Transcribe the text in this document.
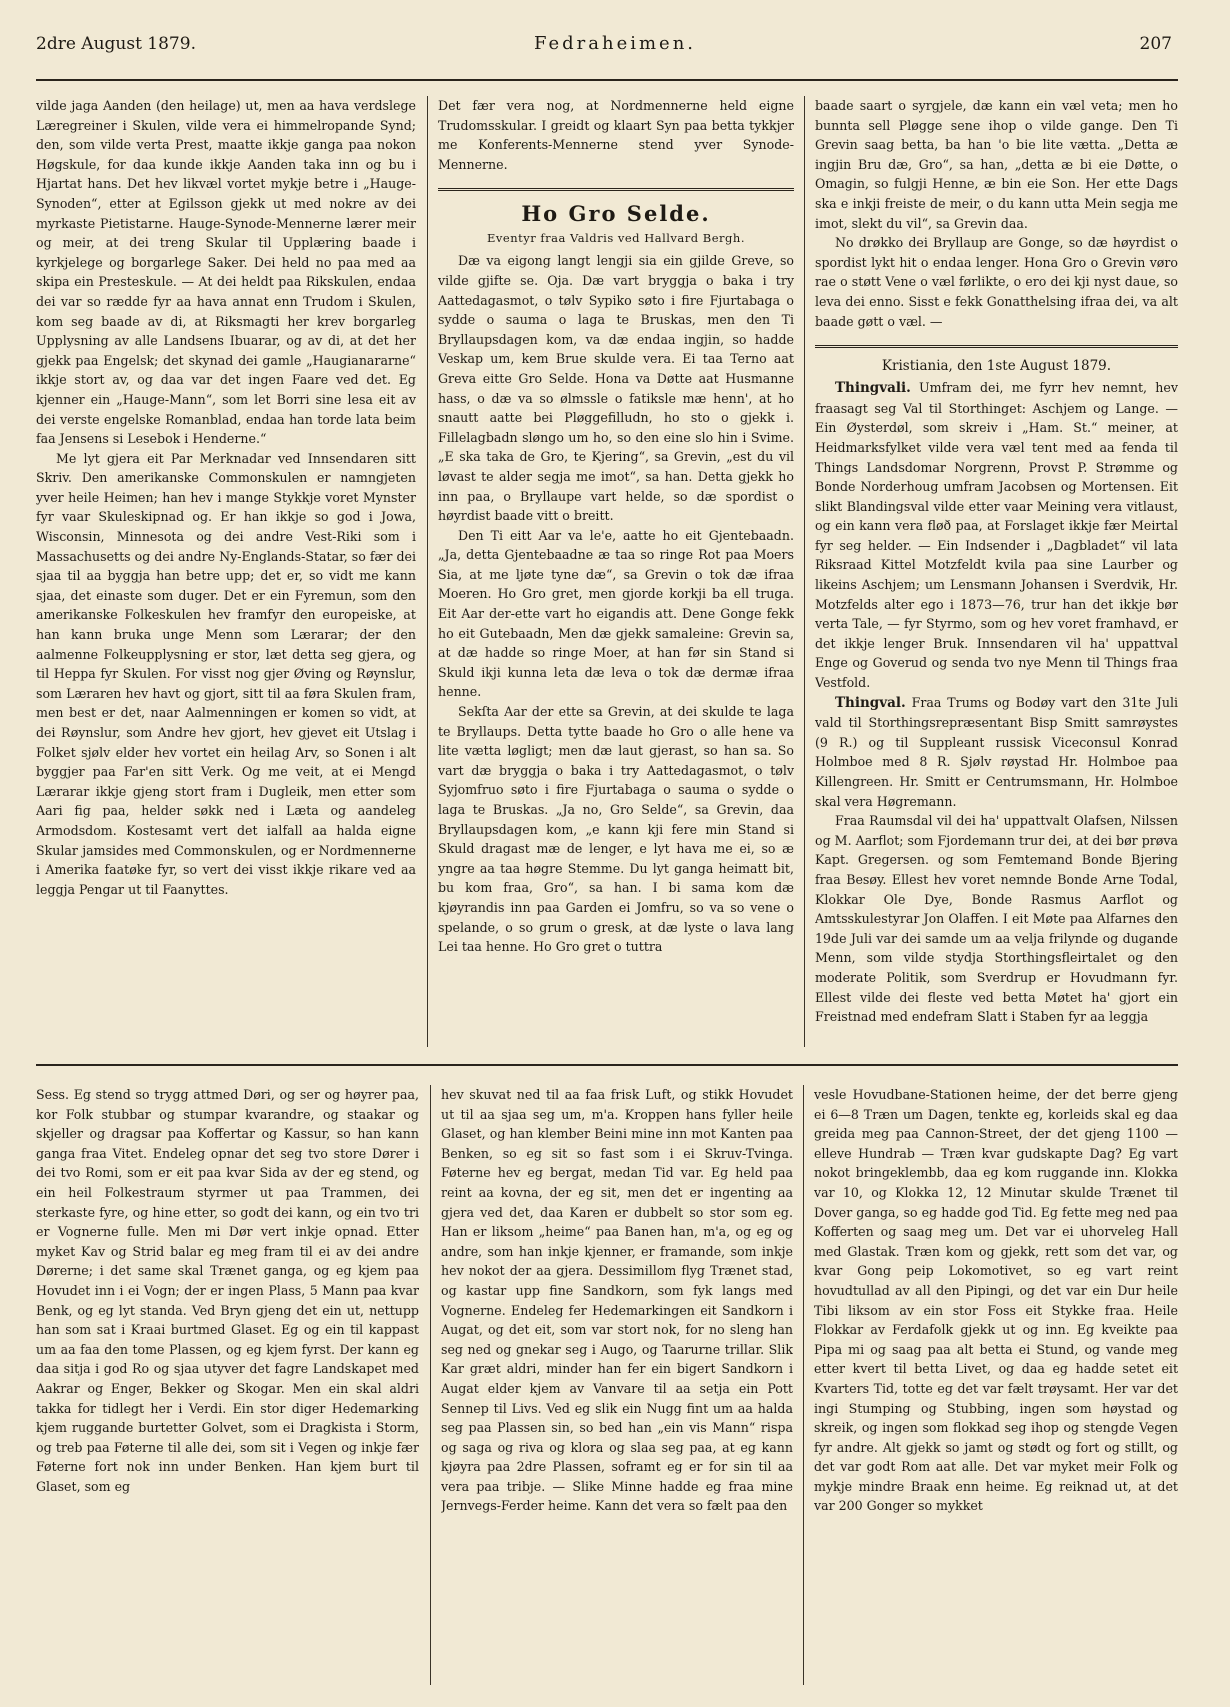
2dre August 1879.	Fedraheimen.	207

vilde jaga Aanden (den heilage) ut, men aa hava verdslege Læregreiner i Skulen, vilde vera ei himmelropande Synd; den, som vilde verta Prest, maatte ikkje ganga paa nokon Høgskule, for daa kunde ikkje Aanden taka inn og bu i Hjartat hans. Det hev likvæl vortet mykje betre i „Hauge-Synoden“, etter at Egilsson gjekk ut med nokre av dei myrkaste Pietistarne. Hauge-Synode-Mennerne lærer meir og meir, at dei treng Skular til Upplæring baade i kyrkjelege og borgarlege Saker. Dei held no paa med aa skipa ein Presteskule. — At dei heldt paa Rikskulen, endaa dei var so ræddе fyr aa hava annat enn Trudom i Skulen, kom seg baade av di, at Riksmagti her krev borgarleg Upplysning av alle Landsens Ibuarar, og av di, at det her gjekk paa Engelsk; det skynad dei gamle „Haugianararne“ ikkje stort av, og daa var det ingen Faare ved det. Eg kjenner ein „Hauge-Mann“, som let Borri sine lesa eit av dei verste engelske Romanblad, endaa han torde lata beim faa Jensens si Lesebok i Henderne.“

Me lyt gjera eit Par Merknadar ved Innsendaren sitt Skriv. Den amerikanske Commonskulen er namngjeten yver heile Heimen; han hev i mange Stykkje voret Mynster fyr vaar Skuleskipnad og. Er han ikkje so god i Jowa, Wisconsin, Minnesota og dei andre Vest-Riki som i Massachusetts og dei andre Ny-Englands-Statar, so fær dei sjaa til aa byggja han betre upp; det er, so vidt me kann sjaa, det einaste som duger. Det er ein Fyremun, som den amerikanske Folkeskulen hev framfyr den europeiske, at han kann bruka unge Menn som Lærarar; der den aalmenne Folkeupplysning er stor, læt detta seg gjera, og til Heppa fyr Skulen. For visst nog gjer Øving og Røynslur, som Læraren hev havt og gjort, sitt til aa føra Skulen fram, men best er det, naar Aalmenningen er komen so vidt, at dei Røynslur, som Andre hev gjort, hev gjevet eit Utslag i Folket sjølv elder hev vortet ein heilag Arv, so Sonen i alt byggjer paa Far'en sitt Verk. Og me veit, at ei Mengd Lærarar ikkje gjeng stort fram i Dugleik, men etter som Aari fig paa, helder søkk ned i Læta og aandeleg Armodsdom. Kostesamt vert det ialfall aa halda eigne Skular jamsides med Commonskulen, og er Nordmennerne i Amerika faatøke fyr, so vert dei visst ikkje rikare ved aa leggja Pengar ut til Faanyttes.

Det fær vera nog, at Nordmennerne held eigne Trudomsskular. I greidt og klaart Syn paa betta tykkjer me Konferents-Mennerne stend yver Synode-Mennerne.

Ho Gro Selde.
Eventyr fraa Valdris ved Hallvard Bergh.

Dæ va eigong langt lengji sia ein gjilde Greve, so vilde gjifte se. Oja. Dæ vart bryggja o baka i try Aattedagasmot, o tølv Sypiko søto i fire Fjurtabaga o sydde o sauma o laga te Bruskas, men den Ti Bryllaupsdagen kom, va dæ endaa ingjin, so hadde Veskap um, kem Brue skulde vera. Ei taa Terno aat Greva eitte Gro Selde. Hona va Døtte aat Husmanne hass, o dæ va so ølmsslе o fatikslе mæ henn', at ho snautt aatte bei Pløggefilludn, ho sto o gjekk i. Fillelagbadn sløngo um ho, so den eine slo hin i Svime. „E ska taka de Gro, te Kjering“, sa Grevin, „est du vil løvast te alder segja me imot“, sa han. Detta gjekk ho inn paa, o Bryllaupe vart helde, so dæ spordist o høyrdist baade vitt o breitt.

Den Ti eitt Aar va le'e, aatte ho eit Gjentebaadn. „Ja, detta Gjentebaadne æ taa so ringe Rot paa Moers Sia, at me ljøte tyne dæ“, sa Grevin o tok dæ ifraa Moeren. Ho Gro gret, men gjorde korkji ba ell truga. Eit Aar der-ette vart ho eigandis att. Dene Gonge fekk ho eit Gutebaadn, Men dæ gjekk samaleine: Grevin sa, at dæ hadde so ringe Moer, at han før sin Stand si Skuld ikji kunna leta dæ leva o tok dæ dermæ ifraa henne.

Sekſta Aar der ette sa Grevin, at dei skulde te laga te Bryllaups. Detta tytte baade ho Gro o alle hene va lite vætta løgligt; men dæ laut gjerast, so han sa. So vart dæ bryggja o baka i try Aattedagasmot, o tølv Syjomfruo søto i fire Fjurtabaga o sauma o sydde o laga te Bruskas. „Ja no, Gro Selde“, sa Grevin, daa Bryllaupsdagen kom, „e kann kji fere min Stand si Skuld dragast mæ de lenger, e lyt hava me ei, so æ yngre aa taa høgre Stemme. Du lyt ganga heimatt bit, bu kom fraa, Gro“, sa han. I bi sama kom dæ kjøyrandis inn paa Garden ei Jomfru, so va so vene o spelande, o so grum o gresk, at dæ lyste o lava lang Lei taa henne. Ho Gro gret o tuttra

baade saart o syrgjele, dæ kann ein væl veta; men ho bunnta sell Pløgge sene ihop o vilde gange. Den Ti Grevin saag betta, ba han 'o bie lite vætta. „Detta æ ingjin Bru dæ, Gro“, sa han, „detta æ bi eie Døtte, o Omagin, so fulgji Henne, æ bin eie Son. Her ette Dags ska e inkji freiste de meir, o du kann utta Mein segja me imot, slekt du vil“, sa Grevin daa.

No drøkko dei Bryllaup are Gonge, so dæ høyrdist o spordist lykt hit o endaa lenger. Hona Gro o Grevin vøro rae o støtt Vene o væl førlikte, o ero dei kji nyst daue, so leva dei enno. Sisst e fekk Gonatthelsing ifraa dei, va alt baade gøtt o væl. —

Kristiania, den 1ste August 1879.

Thingvali. Umfram dei, me fyrr hev nemnt, hev fraasagt seg Val til Storthinget: Aschjem og Lange. — Ein Øysterdøl, som skreiv i „Ham. St.“ meiner, at Heidmarksfylket vilde vera væl tent med aa fenda til Things Landsdomar Norgrenn, Provst P. Strømme og Bonde Norderhoug umfram Jacobsen og Mortensen. Eit slikt Blandingsval vilde etter vaar Meining vera vitlaust, og ein kann vera fløð paa, at Forslaget ikkje fær Meirtal fyr seg helder. — Ein Indsender i „Dagbladet“ vil lata Riksraad Kittel Motzfeldt kvila paa sine Laurber og likeins Aschjem; um Lensmann Johansen i Sverdvik, Hr. Motzfelds alter ego i 1873—76, trur han det ikkje bør verta Tale, — fyr Styrmo, som og hev voret framhavd, er det ikkje lenger Bruk. Innsendaren vil ha' uppattval Enge og Goverud og senda tvo nye Menn til Things fraa Vestfold.

Thingval. Fraa Trums og Bodøy vart den 31te Juli vald til Storthingsrepræsentant Bisp Smitt samrøystes (9 R.) og til Suppleant russisk Viceconsul Konrad Holmboe med 8 R. Sjølv røystad Hr. Holmboe paa Killengreen. Hr. Smitt er Centrumsmann, Hr. Holmboe skal vera Høgremann.

Fraa Raumsdal vil dei ha' uppattvalt Olafsen, Nilssen og M. Aarflot; som Fjordemann trur dei, at dei bør prøva Kapt. Gregersen. og som Femtemand Bonde Bjering fraa Besøy. Ellest hev voret nemnde Bonde Arne Todal, Klokkar Ole Dye, Bonde Rasmus Aarflot og Amtsskulestyrar Jon Olaffen. I eit Møte paa Alfarnes den 19de Juli var dei samde um aa velja frilynde og dugande Menn, som vilde stydja Storthingsfleirtalet og den moderate Politik, som Sverdrup er Hovudmann fyr. Ellest vilde dei fleste ved betta Møtet ha' gjort ein Freistnad med endefram Slatt i Staben fyr aa leggja

Sess. Eg stend so trygg attmed Døri, og ser og høyrer paa, kor Folk stubbar og stumpar kvarandre, og staakar og skjeller og dragsar paa Koffertar og Kassur, so han kann ganga fraa Vitet. Endeleg opnar det seg tvo store Dører i dei tvo Romi, som er eit paa kvar Sida av der eg stend, og ein heil Folkestraum styrmer ut paa Trammen, dei sterkaste fyre, og hine etter, so godt dei kann, og ein tvo tri er Vognerne fulle. Men mi Dør vert inkje opnad. Etter myket Kav og Strid balar eg meg fram til ei av dei andre Dørerne; i det same skal Trænet ganga, og eg kjem paa Hovudet inn i ei Vogn; der er ingen Plass, 5 Mann paa kvar Benk, og eg lyt standa. Ved Bryn gjeng det ein ut, nettupp han som sat i Kraai burtmed Glaset. Eg og ein til kappast um aa faa den tome Plassen, og eg kjem fyrst. Der kann eg daa sitja i god Ro og sjaa utyver det fagre Landskapet med Aakrar og Enger, Bekker og Skogar. Men ein skal aldri takka for tidlegt her i Verdi. Ein stor diger Hedemarking kjem ruggande burtetter Golvet, som ei Dragkista i Storm, og treb paa Føterne til alle dei, som sit i Vegen og inkje fær Føterne fort nok inn under Benken. Han kjem burt til Glaset, som eg

hev skuvat ned til aa faa frisk Luft, og stikk Hovudet ut til aa sjaa seg um, m'a. Kroppen hans fyller heile Glaset, og han klember Beini mine inn mot Kanten paa Benken, so eg sit so fast som i ei Skruv-Tvinga. Føterne hev eg bergat, medan Tid var. Eg held paa reint aa kovna, der eg sit, men det er ingenting aa gjera ved det, daa Karen er dubbelt so stor som eg. Han er liksom „heime“ paa Banen han, m'a, og eg og andre, som han inkje kjenner, er framande, som inkje hev nokot der aa gjera. Dessimillom flyg Trænet stad, og kastar upp fine Sandkorn, som fyk langs med Vognerne. Endeleg fer Hedemarkingen eit Sandkorn i Augat, og det eit, som var stort nok, for no sleng han seg ned og gnekar seg i Augo, og Taarurne trillar. Slik Kar græt aldri, minder han fer ein bigert Sandkorn i Augat elder kjem av Vanvare til aa setja ein Pott Sennep til Livs. Ved eg slik ein Nugg fint um aa halda seg paa Plassen sin, so bed han „ein vis Mann“ rispa og saga og riva og klora og slaa seg paa, at eg kann kjøyra paa 2dre Plassen, soframt eg er for sin til aa vera paa tribje. — Slike Minne hadde eg fraa mine Jernvegs-Ferder heime. Kann det vera so fælt paa den

vesle Hovudbane-Stationen heime, der det berre gjeng ei 6—8 Træn um Dagen, tenkte eg, korleids skal eg daa greida meg paa Cannon-Street, der det gjeng 1100 — ellеve Hundrab — Træn kvar gudskapte Dag? Eg vart nokot bringeklembb, daa eg kom ruggande inn. Klokka var 10, og Klokka 12, 12 Minutar skulde Trænet til Dover ganga, so eg hadde god Tid. Eg fette meg ned paa Kofferten og saag meg um. Det var ei uhorveleg Hall med Glastak. Træn kom og gjekk, rett som det var, og kvar Gong peip Lokomotivet, so eg vart reint hovudtullad av all den Pipingi, og det var ein Dur heile Tibi liksom av ein stor Foss eit Stykke fraa. Heile Flokkar av Ferdafolk gjekk ut og inn. Eg kveikte paa Pipa mi og saag paa alt betta ei Stund, og vandе meg etter kvert til betta Livet, og daa eg hadde setet eit Kvarters Tid, totte eg det var fælt trøysamt. Her var det ingi Stumping og Stubbing, ingen som høystad og skreik, og ingen som flokkad seg ihop og stengde Vegen fyr andre. Alt gjekk so jamt og stødt og fort og stillt, og det var godt Rom aat alle. Det var myket meir Folk og mykje mindre Braak enn heime. Eg reiknad ut, at det var 200 Gonger so mykket
